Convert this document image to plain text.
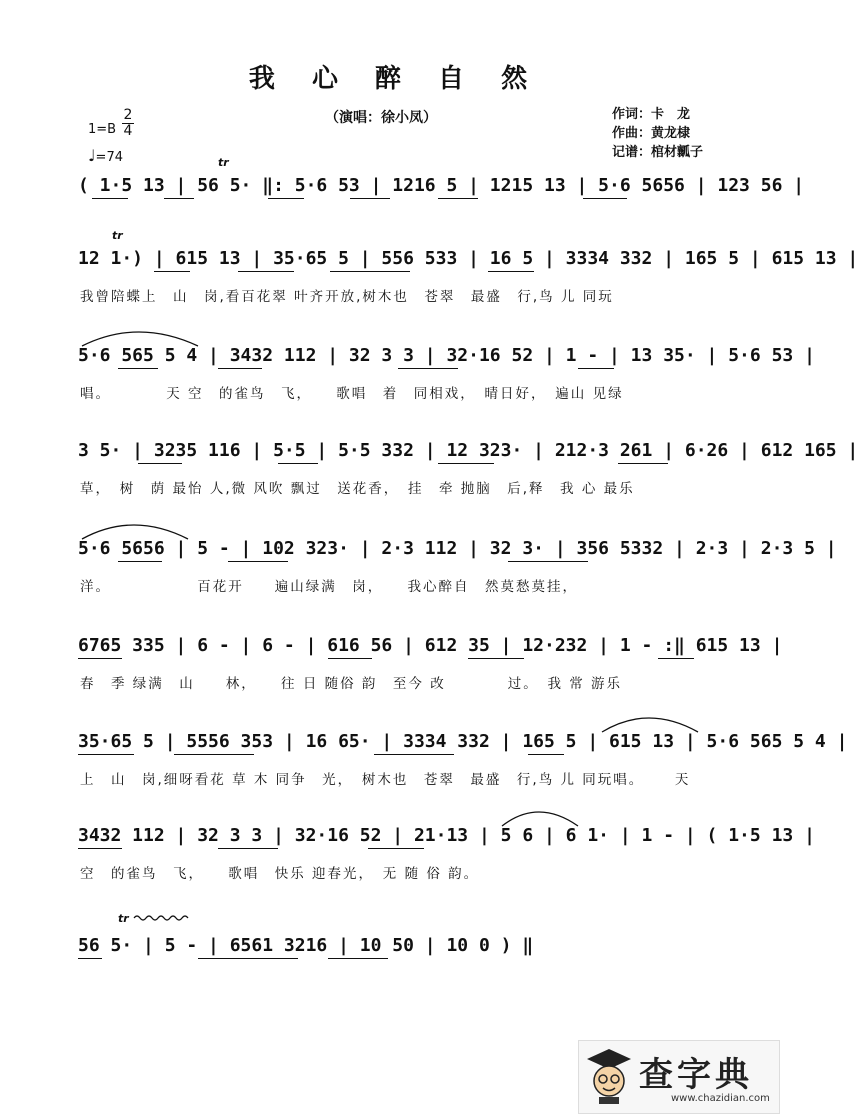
我 心 醉 自 然
（演唱：徐小凤）	作词：卡　龙
作曲：黄龙棣
记谱：棺材瓤子
1=B
2
4
♩=74	tr
( 1·5 13 | 56 5· ‖: 5·6 53 | 1216 5 | 1215 13 | 5·6 5656 | 123 56 |
tr
12 1·) | 615 13 | 35·65 5 | 556 533 | 16 5 | 3334 332 | 165 5 | 615 13 |
我曾陪蝶上　山　岗,看百花翠 叶齐开放,树木也　苍翠　最盛　行,鸟 儿 同玩
5·6 565 5 4 | 3432 112 | 32 3 3 | 32·16 52 | 1 - | 13 35· | 5·6 53 |
唱。　　　　天 空　的雀鸟　飞，　　歌唱　着　同相戏，　晴日好，　遍山 见绿
3 5· | 3235 116 | 5·5 | 5·5 332 | 12 323· | 212·3 261 | 6·26 | 612 165 |
草，　树　荫 最怡 人,微 风吹 飘过　送花香，　挂　牵 抛脑　后,释　我 心 最乐
5·6 5656 | 5 - | 102 323· | 2·3 112 | 32 3· | 356 5332 | 2·3 | 2·3 5 |
洋。　　　　　　百花开　　遍山绿满　岗，　　我心醉自　然莫愁莫挂，
6765 335 | 6 - | 6 - | 616 56 | 612 35 | 12·232 | 1 - :‖ 615 13 |
春　季 绿满　山　　林，　　往 日 随俗 韵　至今 改　　　　过。　我 常 游乐
35·65 5 | 5556 353 | 16 65· | 3334 332 | 165 5 | 615 13 | 5·6 565 5 4 |
上　山　岗,细呀看花 草 木 同争　光，　树木也　苍翠　最盛　行,鸟 儿 同玩唱。　　 天
3432 112 | 32 3 3 | 32·16 52 | 21·13 | 5 6 | 6 1· | 1 - | ( 1·5 13 |
空　的雀鸟　飞，　　歌唱　快乐 迎春光，　无 随 俗 韵。
tr
56 5· | 5 - | 6561 3216 | 10 50 | 10 0 ) ‖
查字典
www.chazidian.com
